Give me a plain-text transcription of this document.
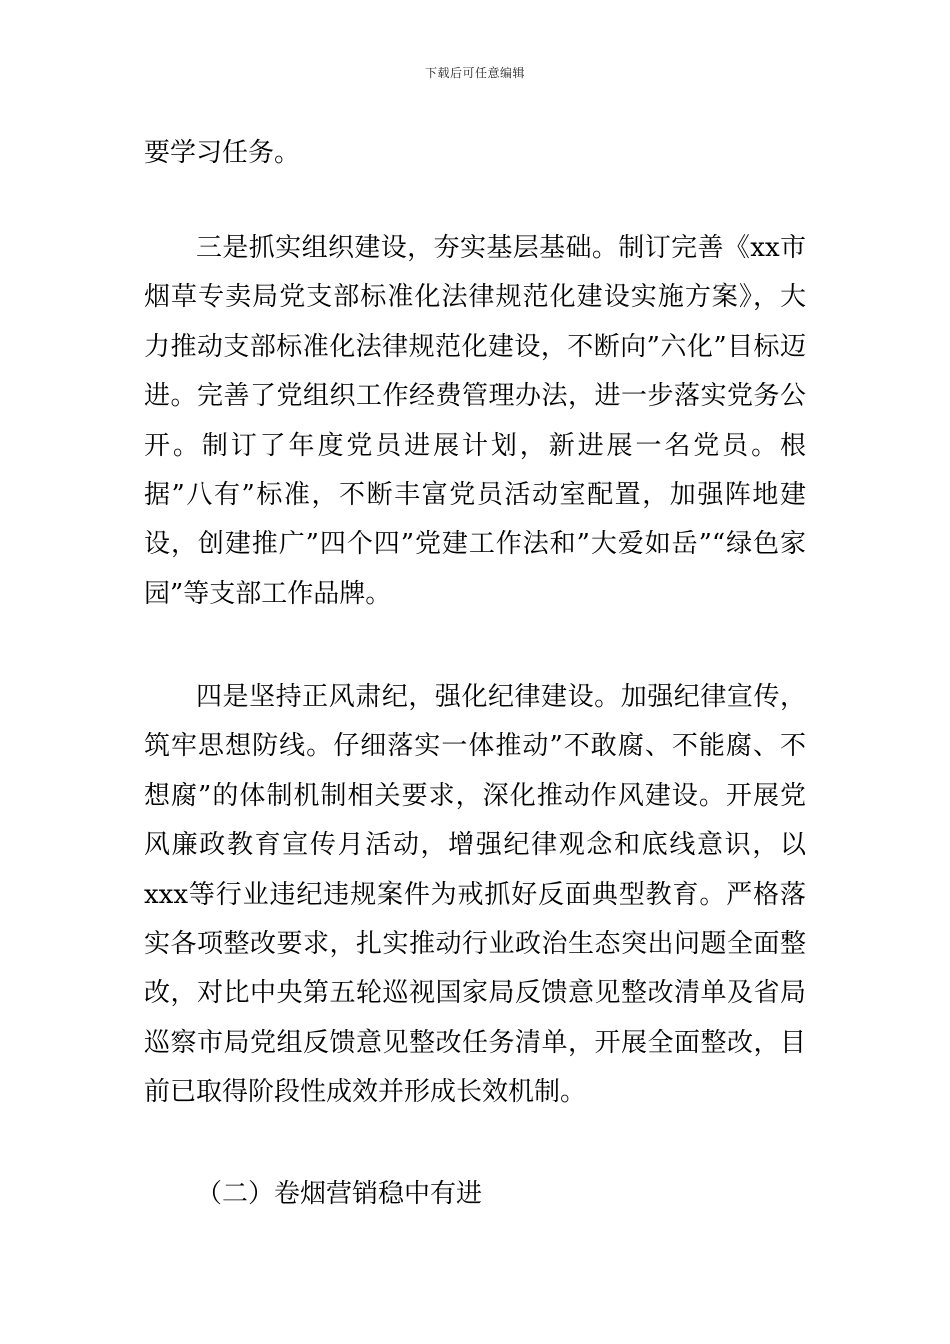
下载后可任意编辑

要学习任务。

三是抓实组织建设，夯实基层基础。制订完善《xx市烟草专卖局党支部标准化法律规范化建设实施方案》，大力推动支部标准化法律规范化建设，不断向”六化”目标迈进。完善了党组织工作经费管理办法，进一步落实党务公开。制订了年度党员进展计划，新进展一名党员。根据”八有”标准，不断丰富党员活动室配置，加强阵地建设，创建推广”四个四”党建工作法和”大爱如岳”“绿色家园”等支部工作品牌。

四是坚持正风肃纪，强化纪律建设。加强纪律宣传，筑牢思想防线。仔细落实一体推动”不敢腐、不能腐、不想腐”的体制机制相关要求，深化推动作风建设。开展党风廉政教育宣传月活动，增强纪律观念和底线意识，以xxx等行业违纪违规案件为戒抓好反面典型教育。严格落实各项整改要求，扎实推动行业政治生态突出问题全面整改，对比中央第五轮巡视国家局反馈意见整改清单及省局巡察市局党组反馈意见整改任务清单，开展全面整改，目前已取得阶段性成效并形成长效机制。

（二）卷烟营销稳中有进
